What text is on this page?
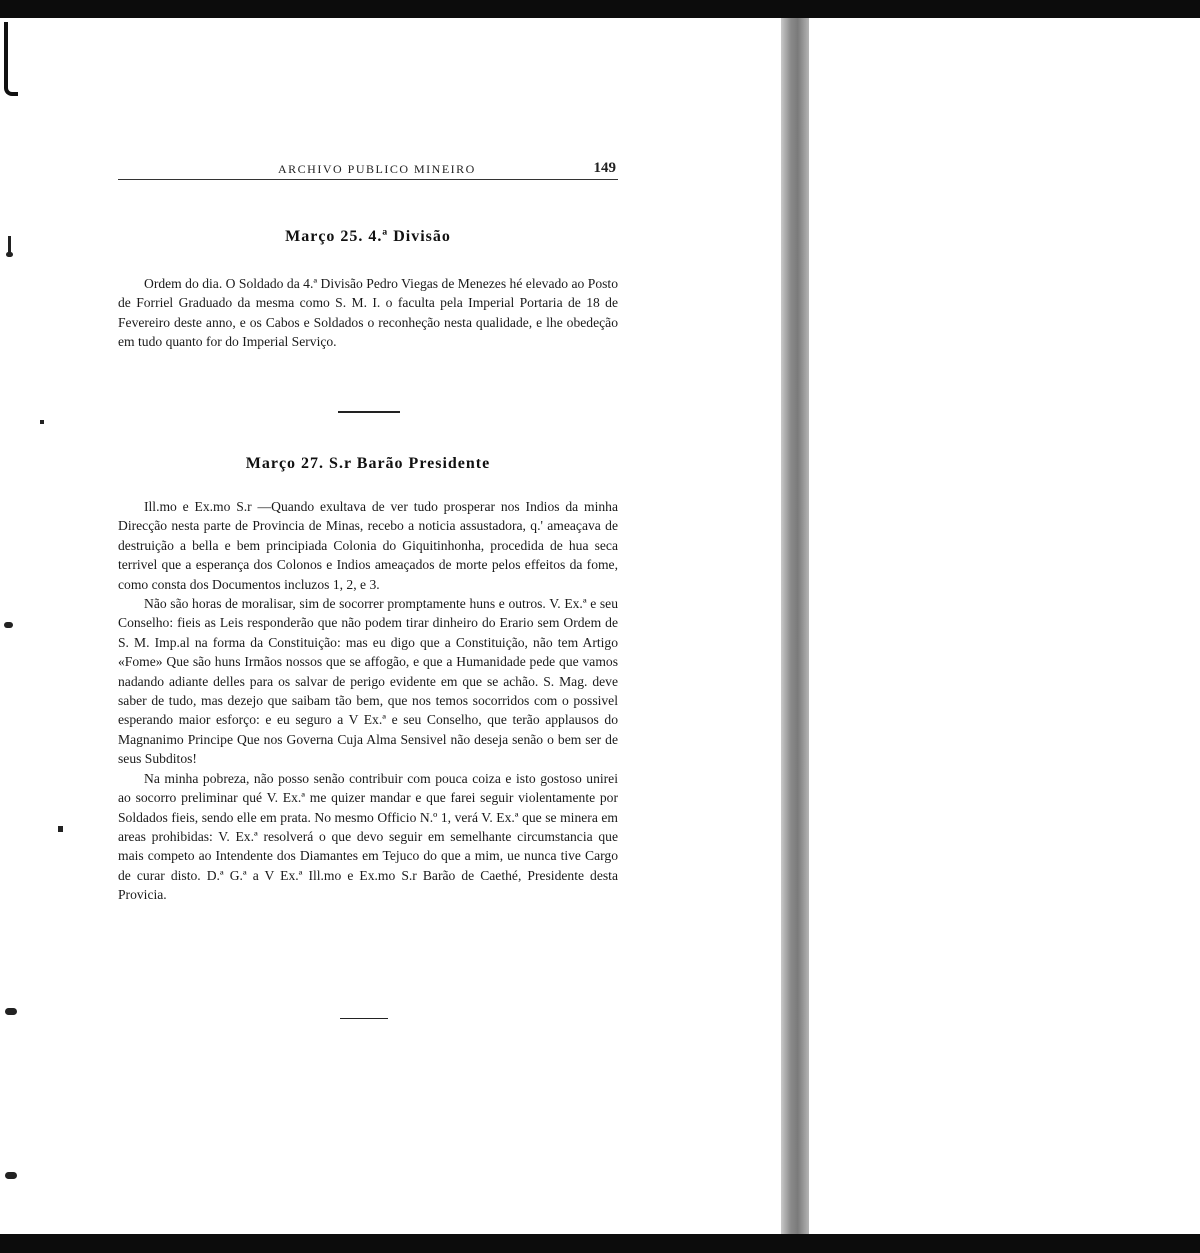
ARCHIVO PUBLICO MINEIRO	149
Março 25. 4.ª Divisão

Ordem do dia. O Soldado da 4.ª Divisão Pedro Viegas de Menezes hé elevado ao Posto de Forriel Graduado da mesma como S. M. I. o faculta pela Imperial Portaria de 18 de Fevereiro deste anno, e os Cabos e Soldados o reconheção nesta qualidade, e lhe obedeção em tudo quanto for do Imperial Serviço.

Março 27. S.r Barão Presidente

Ill.mo e Ex.mo S.r —Quando exultava de ver tudo prosperar nos Indios da minha Direcção nesta parte de Provincia de Minas, recebo a noticia assustadora, q.' ameaçava de destruição a bella e bem principiada Colonia do Giquitinhonha, procedida de hua seca terrivel que a esperança dos Colonos e Indios ameaçados de morte pelos effeitos da fome, como consta dos Documentos incluzos 1, 2, e 3.

Não são horas de moralisar, sim de socorrer promptamente huns e outros. V. Ex.ª e seu Conselho: fieis as Leis responderão que não podem tirar dinheiro do Erario sem Ordem de S. M. Imp.al na forma da Constituição: mas eu digo que a Constituição, não tem Artigo «Fome» Que são huns Irmãos nossos que se affogão, e que a Humanidade pede que vamos nadando adiante delles para os salvar de perigo evidente em que se achão. S. Mag. deve saber de tudo, mas dezejo que saibam tão bem, que nos temos socorridos com o possivel esperando maior esforço: e eu seguro a V Ex.ª e seu Conselho, que terão applausos do Magnanimo Principe Que nos Governa Cuja Alma Sensivel não deseja senão o bem ser de seus Subditos!

Na minha pobreza, não posso senão contribuir com pouca coiza e isto gostoso unirei ao socorro preliminar qué V. Ex.ª me quizer mandar e que farei seguir violentamente por Soldados fieis, sendo elle em prata. No mesmo Officio N.º 1, verá V. Ex.ª que se minera em areas prohibidas: V. Ex.ª resolverá o que devo seguir em semelhante circumstancia que mais competo ao Intendente dos Diamantes em Tejuco do que a mim, ue nunca tive Cargo de curar disto. D.ª G.ª a V Ex.ª Ill.mo e Ex.mo S.r Barão de Caethé, Presidente desta Provicia.
